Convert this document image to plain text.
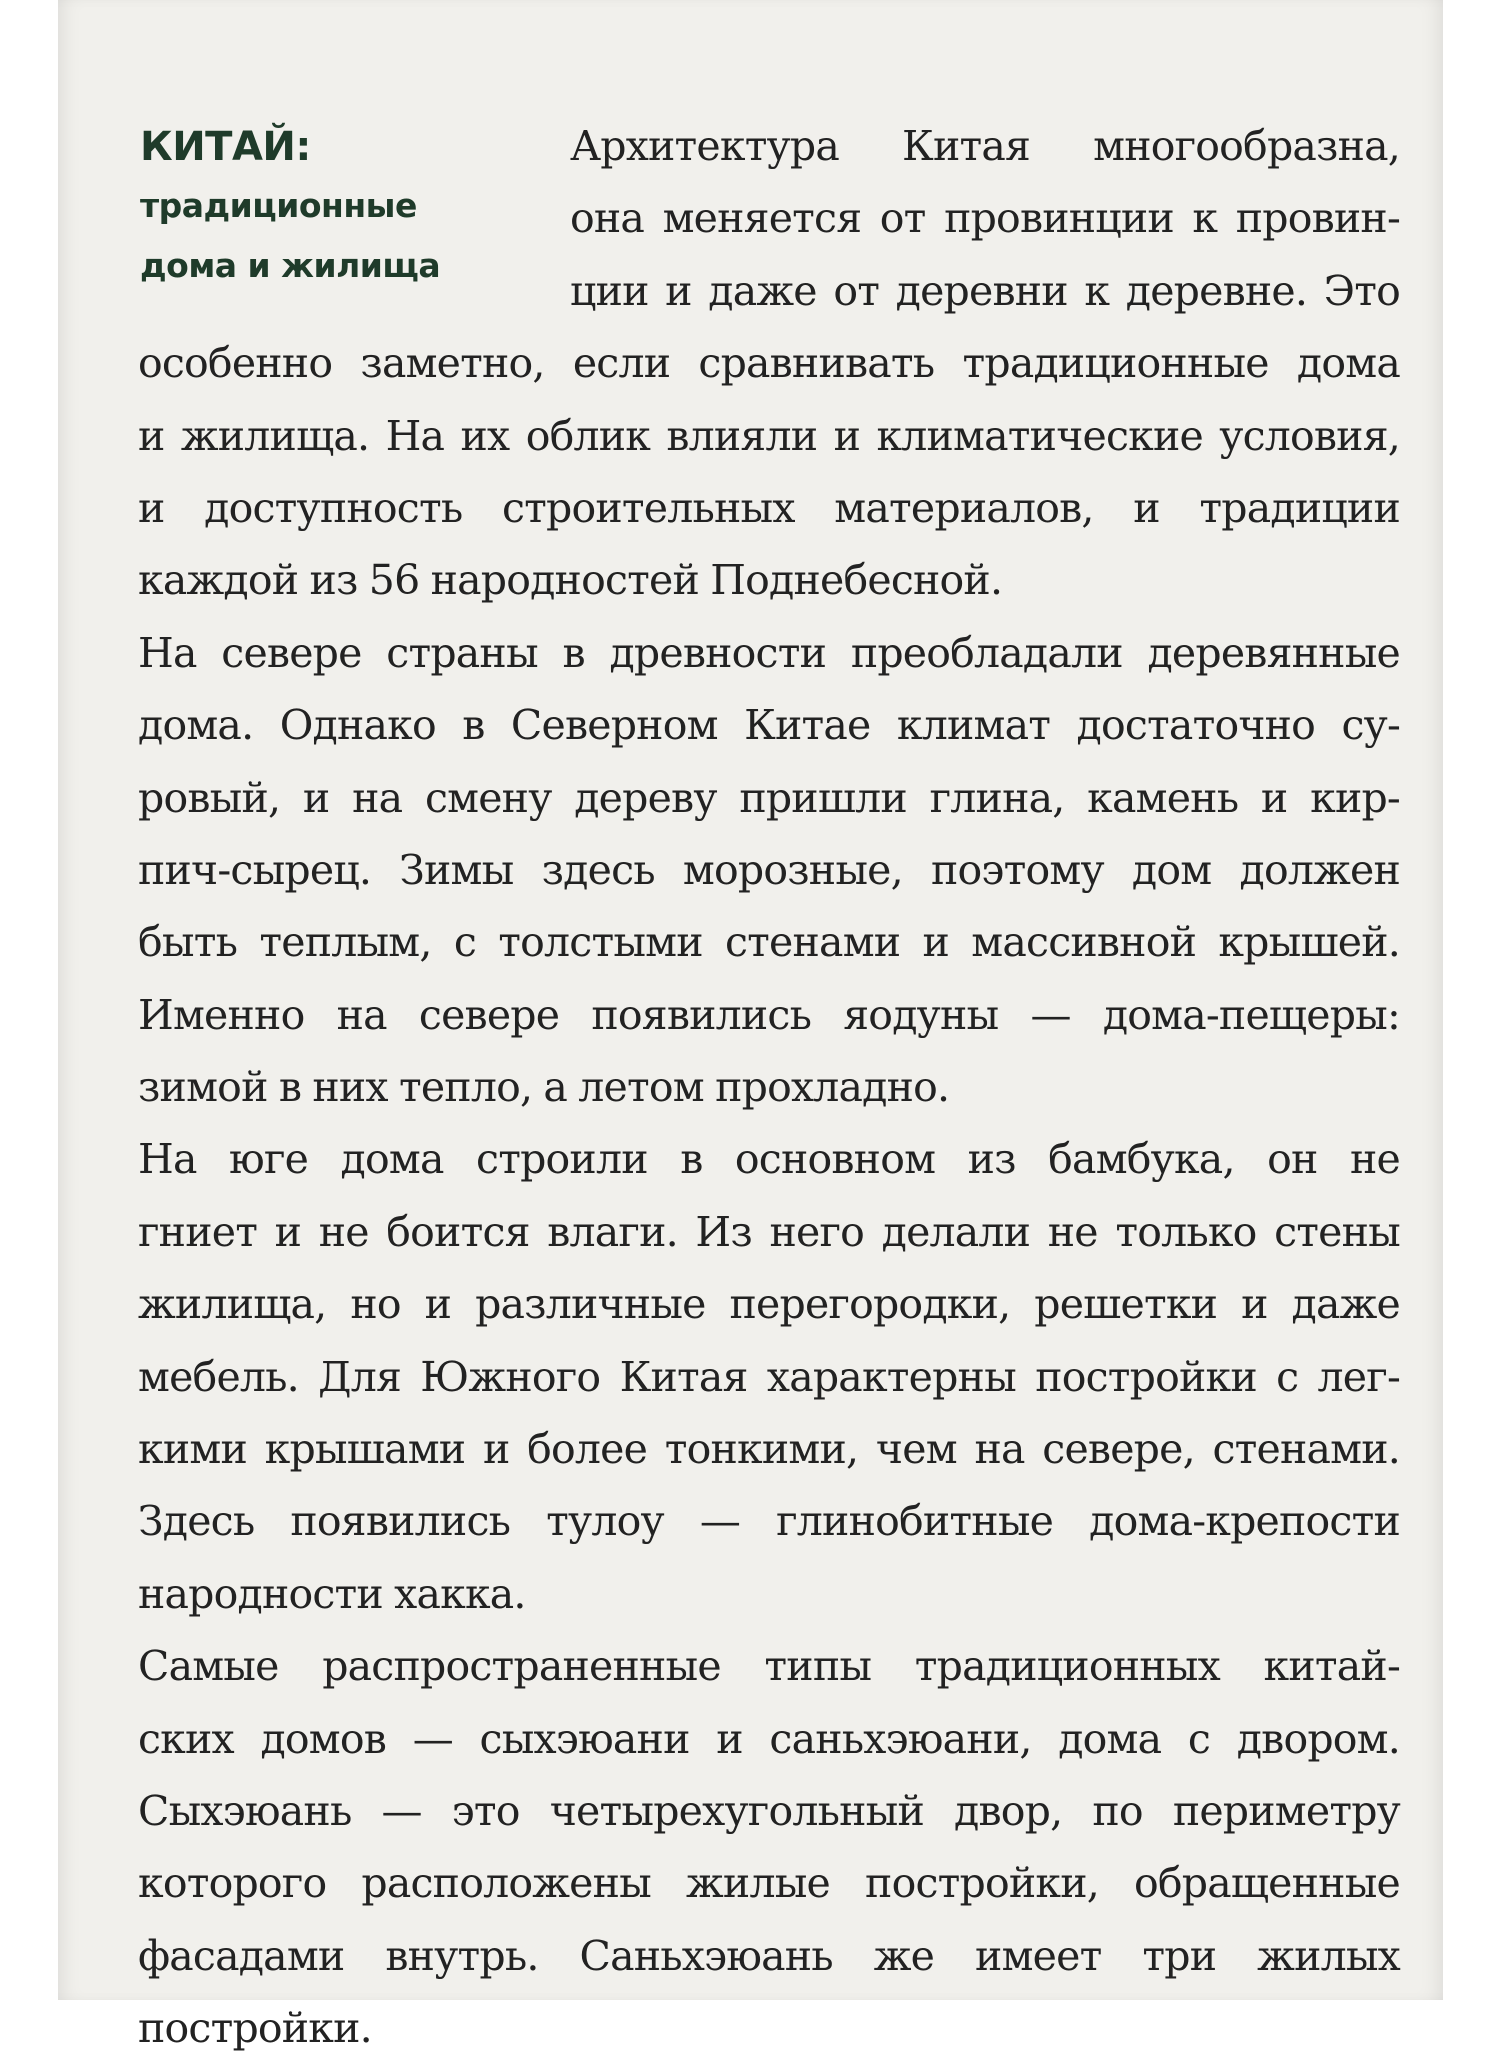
КИТАЙ:
традиционные
дома и жилища
Архитектура Китая многообразна,
она меняется от провинции к провин-
ции и даже от деревни к деревне. Это
особенно заметно, если сравнивать традиционные дома
и жилища. На их облик влияли и климатические условия,
и доступность строительных материалов, и традиции
каждой из 56 народностей Поднебесной.
На севере страны в древности преобладали деревянные
дома. Однако в Северном Китае климат достаточно су-
ровый, и на смену дереву пришли глина, камень и кир-
пич-сырец. Зимы здесь морозные, поэтому дом должен
быть теплым, с толстыми стенами и массивной крышей.
Именно на севере появились яодуны — дома-пещеры:
зимой в них тепло, а летом прохладно.
На юге дома строили в основном из бамбука, он не
гниет и не боится влаги. Из него делали не только стены
жилища, но и различные перегородки, решетки и даже
мебель. Для Южного Китая характерны постройки с лег-
кими крышами и более тонкими, чем на севере, стенами.
Здесь появились тулоу — глинобитные дома-крепости
народности хакка.
Самые распространенные типы традиционных китай-
ских домов — сыхэюани и саньхэюани, дома с двором.
Сыхэюань — это четырехугольный двор, по периметру
которого расположены жилые постройки, обращенные
фасадами внутрь. Саньхэюань же имеет три жилых
постройки.
